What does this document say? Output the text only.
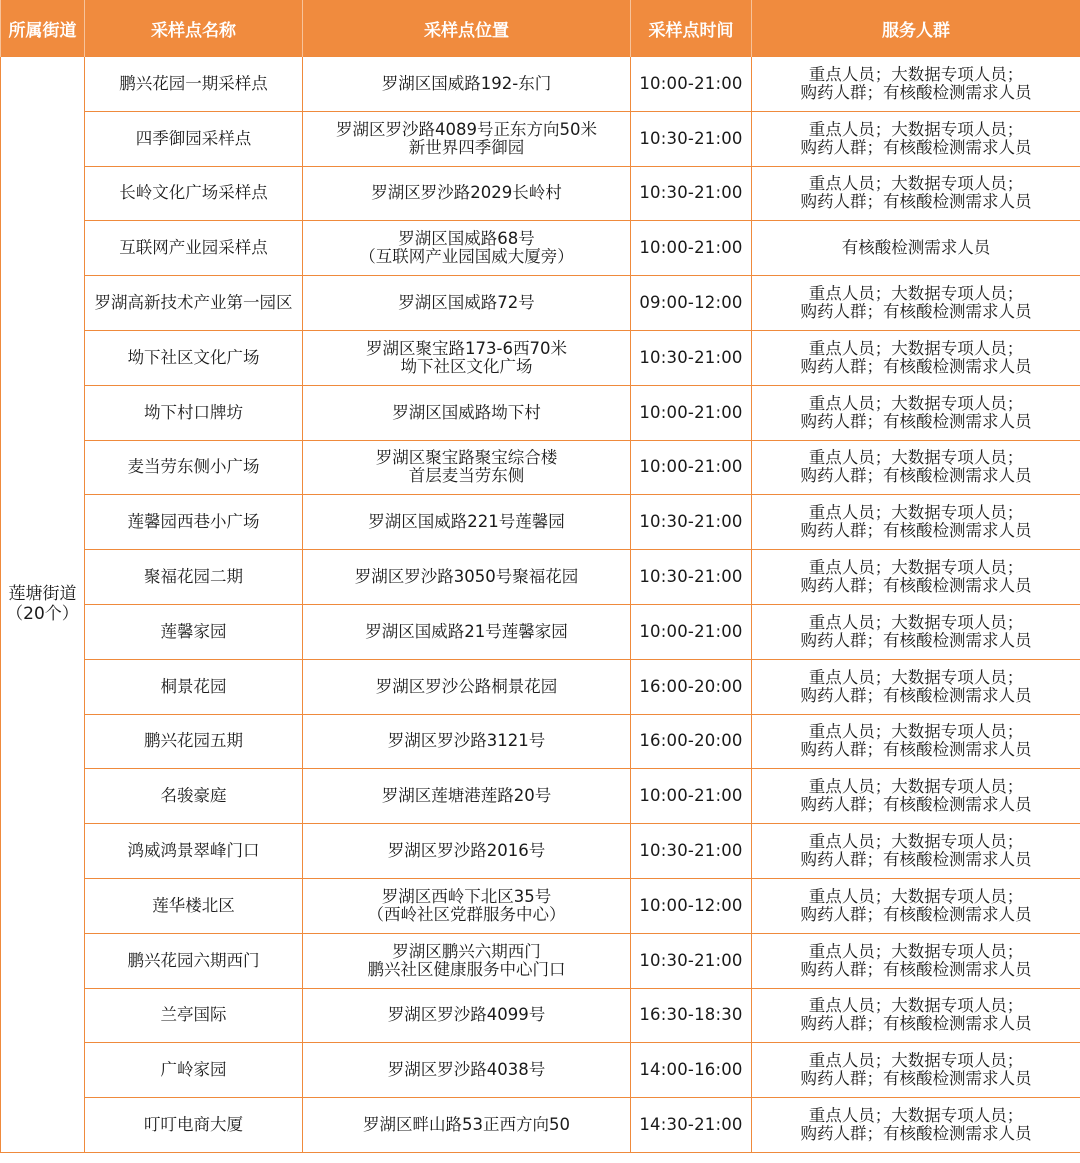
所属街道	采样点名称	采样点位置	采样点时间	服务人群
莲塘街道
（20个）	鹏兴花园一期采样点	罗湖区国威路192-东门	10:00-21:00	重点人员；大数据专项人员；
购药人群；有核酸检测需求人员
	四季御园采样点	罗湖区罗沙路4089号正东方向50米
新世界四季御园	10:30-21:00	重点人员；大数据专项人员；
购药人群；有核酸检测需求人员
	长岭文化广场采样点	罗湖区罗沙路2029长岭村	10:30-21:00	重点人员；大数据专项人员；
购药人群；有核酸检测需求人员
	互联网产业园采样点	罗湖区国威路68号
（互联网产业园国威大厦旁）	10:00-21:00	有核酸检测需求人员
	罗湖高新技术产业第一园区	罗湖区国威路72号	09:00-12:00	重点人员；大数据专项人员；
购药人群；有核酸检测需求人员
	坳下社区文化广场	罗湖区聚宝路173-6西70米
坳下社区文化广场	10:30-21:00	重点人员；大数据专项人员；
购药人群；有核酸检测需求人员
	坳下村口牌坊	罗湖区国威路坳下村	10:00-21:00	重点人员；大数据专项人员；
购药人群；有核酸检测需求人员
	麦当劳东侧小广场	罗湖区聚宝路聚宝综合楼
首层麦当劳东侧	10:00-21:00	重点人员；大数据专项人员；
购药人群；有核酸检测需求人员
	莲馨园西巷小广场	罗湖区国威路221号莲馨园	10:30-21:00	重点人员；大数据专项人员；
购药人群；有核酸检测需求人员
	聚福花园二期	罗湖区罗沙路3050号聚福花园	10:30-21:00	重点人员；大数据专项人员；
购药人群；有核酸检测需求人员
	莲馨家园	罗湖区国威路21号莲馨家园	10:00-21:00	重点人员；大数据专项人员；
购药人群；有核酸检测需求人员
	桐景花园	罗湖区罗沙公路桐景花园	16:00-20:00	重点人员；大数据专项人员；
购药人群；有核酸检测需求人员
	鹏兴花园五期	罗湖区罗沙路3121号	16:00-20:00	重点人员；大数据专项人员；
购药人群；有核酸检测需求人员
	名骏豪庭	罗湖区莲塘港莲路20号	10:00-21:00	重点人员；大数据专项人员；
购药人群；有核酸检测需求人员
	鸿威鸿景翠峰门口	罗湖区罗沙路2016号	10:30-21:00	重点人员；大数据专项人员；
购药人群；有核酸检测需求人员
	莲华楼北区	罗湖区西岭下北区35号
（西岭社区党群服务中心）	10:00-12:00	重点人员；大数据专项人员；
购药人群；有核酸检测需求人员
	鹏兴花园六期西门	罗湖区鹏兴六期西门
鹏兴社区健康服务中心门口	10:30-21:00	重点人员；大数据专项人员；
购药人群；有核酸检测需求人员
	兰亭国际	罗湖区罗沙路4099号	16:30-18:30	重点人员；大数据专项人员；
购药人群；有核酸检测需求人员
	广岭家园	罗湖区罗沙路4038号	14:00-16:00	重点人员；大数据专项人员；
购药人群；有核酸检测需求人员
	叮叮电商大厦	罗湖区畔山路53正西方向50	14:30-21:00	重点人员；大数据专项人员；
购药人群；有核酸检测需求人员
